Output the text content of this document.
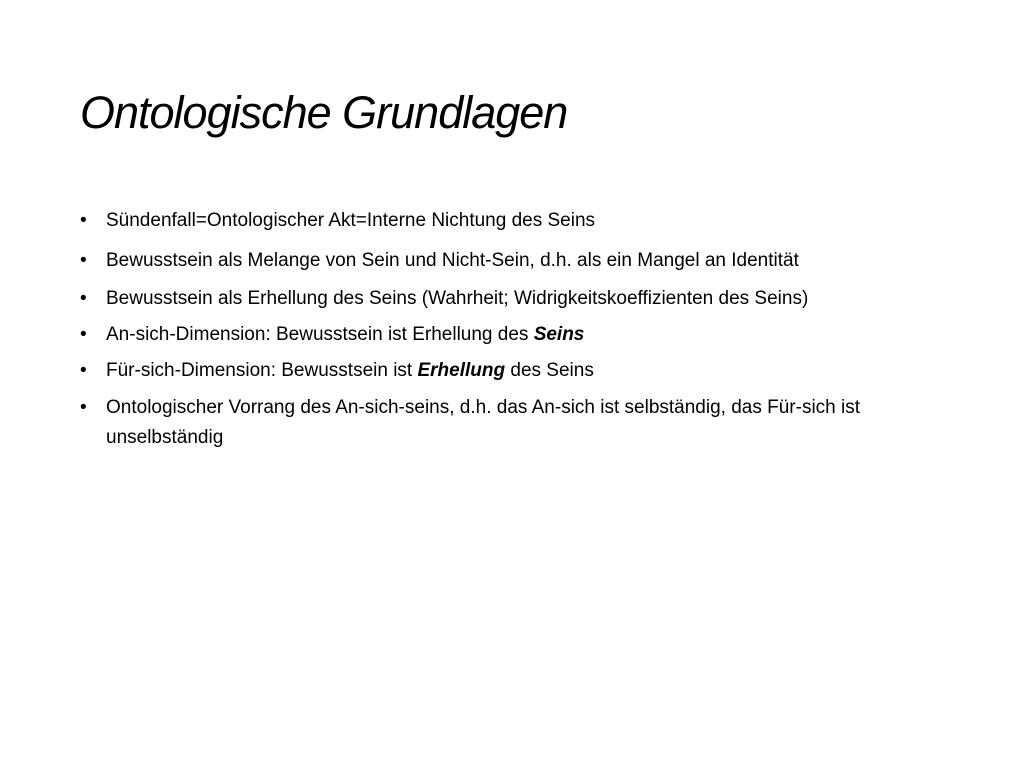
Ontologische Grundlagen
• Sündenfall=Ontologischer Akt=Interne Nichtung des Seins
• Bewusstsein als Melange von Sein und Nicht-Sein, d.h. als ein Mangel an Identität
• Bewusstsein als Erhellung des Seins (Wahrheit; Widrigkeitskoeffizienten des Seins)
• An-sich-Dimension: Bewusstsein ist Erhellung des Seins
• Für-sich-Dimension: Bewusstsein ist Erhellung des Seins
• Ontologischer Vorrang des An-sich-seins, d.h. das An-sich ist selbständig, das Für-sich ist unselbständig
